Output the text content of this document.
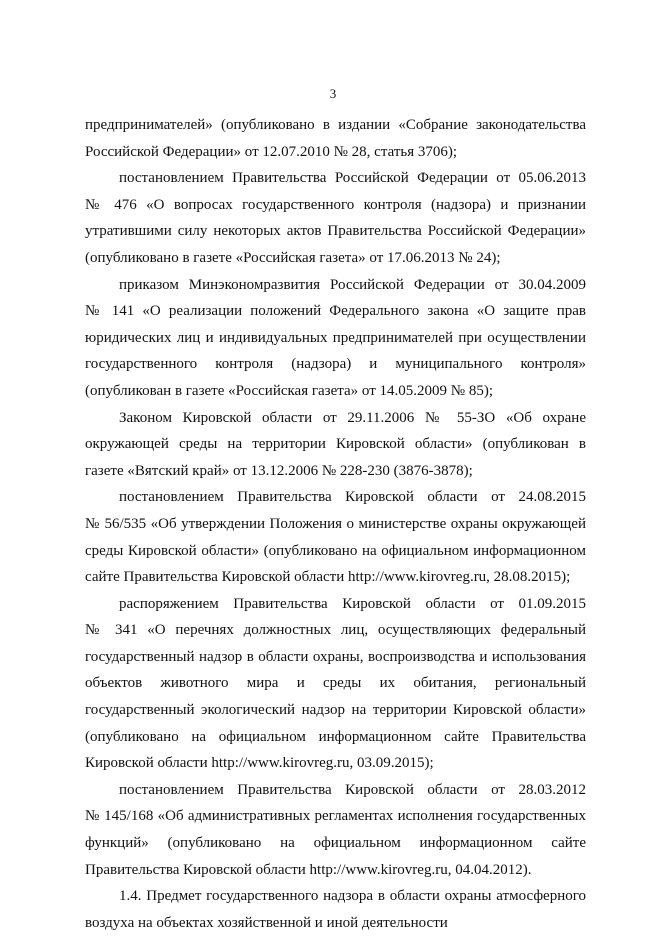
3
предпринимателей» (опубликовано в издании «Собрание законодательства
Российской Федерации» от 12.07.2010 № 28, статья 3706);
постановлением Правительства Российской Федерации от 05.06.2013
№ 476 «О вопросах государственного контроля (надзора) и признании
утратившими силу некоторых актов Правительства Российской Федерации»
(опубликовано в газете «Российская газета» от 17.06.2013 № 24);
приказом Минэкономразвития Российской Федерации от 30.04.2009
№ 141 «О реализации положений Федерального закона «О защите прав
юридических лиц и индивидуальных предпринимателей при осуществлении
государственного контроля (надзора) и муниципального контроля»
(опубликован в газете «Российская газета» от 14.05.2009 № 85);
Законом Кировской области от 29.11.2006 № 55-ЗО «Об охране
окружающей среды на территории Кировской области» (опубликован в
газете «Вятский край» от 13.12.2006 № 228-230 (3876-3878);
постановлением Правительства Кировской области от 24.08.2015
№ 56/535 «Об утверждении Положения о министерстве охраны окружающей
среды Кировской области» (опубликовано на официальном информационном
сайте Правительства Кировской области http://www.kirovreg.ru, 28.08.2015);
распоряжением Правительства Кировской области от 01.09.2015
№ 341 «О перечнях должностных лиц, осуществляющих федеральный
государственный надзор в области охраны, воспроизводства и использования
объектов животного мира и среды их обитания, региональный
государственный экологический надзор на территории Кировской области»
(опубликовано на официальном информационном сайте Правительства
Кировской области http://www.kirovreg.ru, 03.09.2015);
постановлением Правительства Кировской области от 28.03.2012
№ 145/168 «Об административных регламентах исполнения государственных
функций» (опубликовано на официальном информационном сайте
Правительства Кировской области http://www.kirovreg.ru, 04.04.2012).
1.4. Предмет государственного надзора в области охраны атмосферного
воздуха на объектах хозяйственной и иной деятельности
